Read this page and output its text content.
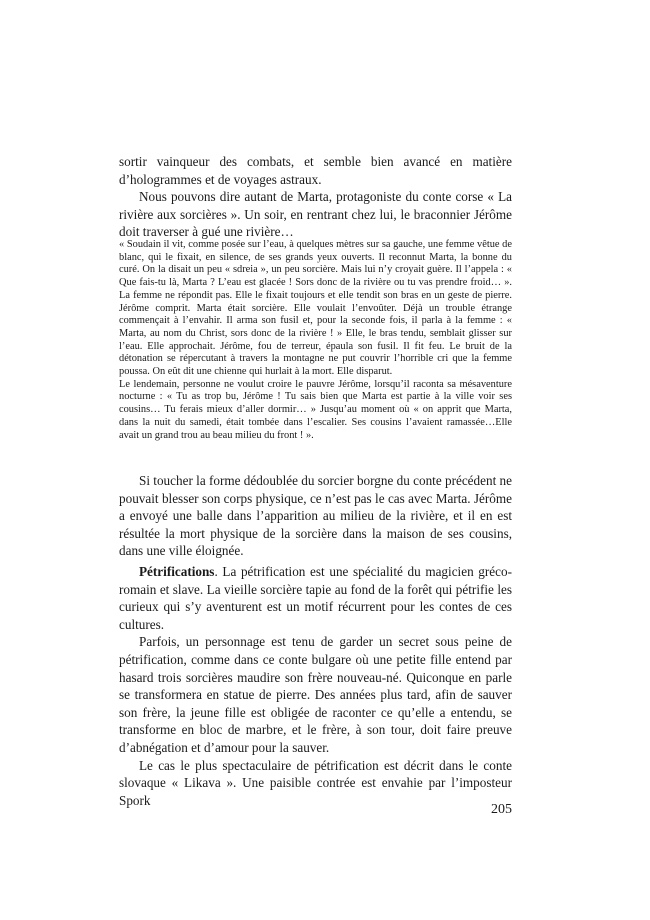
sortir vainqueur des combats, et semble bien avancé en matière d’hologrammes et de voyages astraux.

Nous pouvons dire autant de Marta, protagoniste du conte corse « La rivière aux sorcières ». Un soir, en rentrant chez lui, le braconnier Jérôme doit traverser à gué une rivière…

« Soudain il vit, comme posée sur l’eau, à quelques mètres sur sa gauche, une femme vêtue de blanc, qui le fixait, en silence, de ses grands yeux ouverts. Il reconnut Marta, la bonne du curé. On la disait un peu « sdreia », un peu sorcière. Mais lui n’y croyait guère. Il l’appela : « Que fais-tu là, Marta ? L’eau est glacée ! Sors donc de la rivière ou tu vas prendre froid… ». La femme ne répondit pas. Elle le fixait toujours et elle tendit son bras en un geste de pierre. Jérôme comprit. Marta était sorcière. Elle voulait l’envoûter. Déjà un trouble étrange commençait à l’envahir. Il arma son fusil et, pour la seconde fois, il parla à la femme : « Marta, au nom du Christ, sors donc de la rivière ! » Elle, le bras tendu, semblait glisser sur l’eau. Elle approchait. Jérôme, fou de terreur, épaula son fusil. Il fit feu. Le bruit de la détonation se répercutant à travers la montagne ne put couvrir l’horrible cri que la femme poussa. On eût dit une chienne qui hurlait à la mort. Elle disparut.

Le lendemain, personne ne voulut croire le pauvre Jérôme, lorsqu’il raconta sa mésaventure nocturne : « Tu as trop bu, Jérôme ! Tu sais bien que Marta est partie à la ville voir ses cousins… Tu ferais mieux d’aller dormir… » Jusqu’au moment où « on apprit que Marta, dans la nuit du samedi, était tombée dans l’escalier. Ses cousins l’avaient ramassée…Elle avait un grand trou au beau milieu du front ! ».

Si toucher la forme dédoublée du sorcier borgne du conte précédent ne pouvait blesser son corps physique, ce n’est pas le cas avec Marta. Jérôme a envoyé une balle dans l’apparition au milieu de la rivière, et il en est résultée la mort physique de la sorcière dans la maison de ses cousins, dans une ville éloignée.

Pétrifications. La pétrification est une spécialité du magicien gréco-romain et slave. La vieille sorcière tapie au fond de la forêt qui pétrifie les curieux qui s’y aventurent est un motif récurrent pour les contes de ces cultures.

Parfois, un personnage est tenu de garder un secret sous peine de pétrification, comme dans ce conte bulgare où une petite fille entend par hasard trois sorcières maudire son frère nouveau-né. Quiconque en parle se transformera en statue de pierre. Des années plus tard, afin de sauver son frère, la jeune fille est obligée de raconter ce qu’elle a entendu, se transforme en bloc de marbre, et le frère, à son tour, doit faire preuve d’abnégation et d’amour pour la sauver.

Le cas le plus spectaculaire de pétrification est décrit dans le conte slovaque « Likava ». Une paisible contrée est envahie par l’imposteur Spork

205
